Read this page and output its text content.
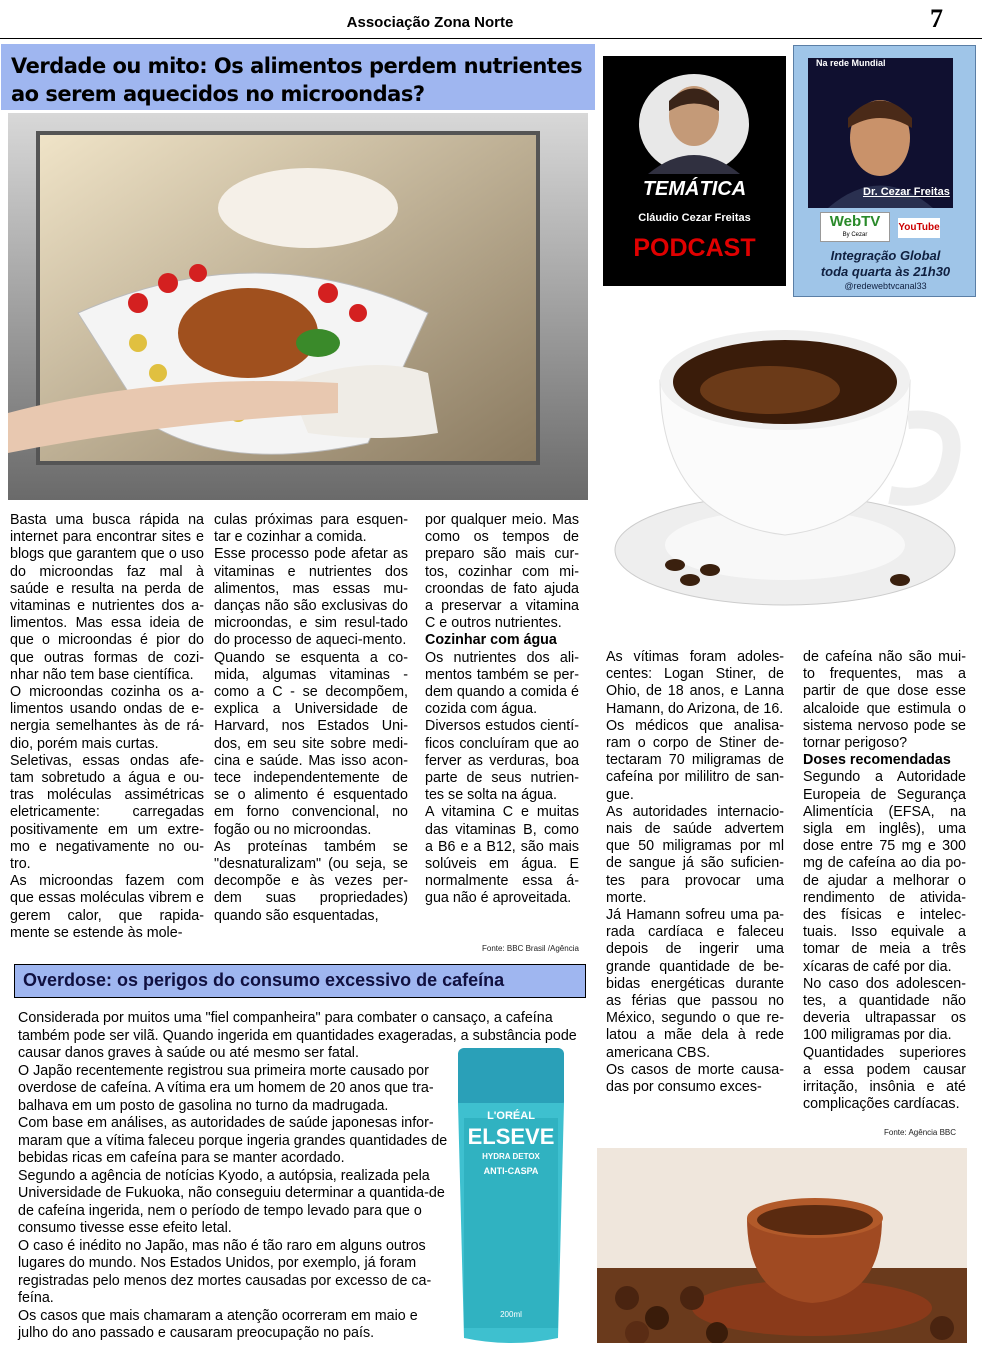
Associação Zona Norte	7
Verdade ou mito: Os alimentos perdem nutrientes
ao serem aquecidos no microondas?
TEMÁTICA
Cláudio Cezar Freitas
PODCAST
Na rede Mundial
Dr. Cezar Freitas
WebTV
By Cezar
YouTube
Integração Global
toda quarta às 21h30
@redewebtvcanal33

Basta uma busca rápida na internet para encontrar sites e blogs que garantem que o uso do microondas faz mal à saúde e resulta na perda de vitaminas e nutrientes dos a-limentos. Mas essa ideia de que o microondas é pior do que outras formas de cozi-nhar não tem base científica.

O microondas cozinha os a-limentos usando ondas de e-nergia semelhantes às de rá-dio, porém mais curtas.

Seletivas, essas ondas afe-tam sobretudo a água e ou-tras moléculas assimétricas eletricamente: carregadas positivamente em um extre-mo e negativamente no ou-tro.

As microondas fazem com que essas moléculas vibrem e gerem calor, que rapida-mente se estende às mole-

culas próximas para esquen-tar e cozinhar a comida.

Esse processo pode afetar as vitaminas e nutrientes dos alimentos, mas essas mu-danças não são exclusivas do microondas, e sim resul-tado do processo de aqueci-mento.

Quando se esquenta a co-mida, algumas vitaminas - como a C - se decompõem, explica a Universidade de Harvard, nos Estados Uni-dos, em seu site sobre medi-cina e saúde. Mas isso acon-tece independentemente de se o alimento é esquentado em forno convencional, no fogão ou no microondas.

As proteínas também se "desnaturalizam" (ou seja, se decompõe e às vezes per-dem suas propriedades) quando são esquentadas,

por qualquer meio. Mas como os tempos de preparo são mais cur-tos, cozinhar com mi-croondas de fato ajuda a preservar a vitamina C e outros nutrientes.

Cozinhar com água

Os nutrientes dos ali-mentos também se per-dem quando a comida é cozida com água.

Diversos estudos cientí-ficos concluíram que ao ferver as verduras, boa parte de seus nutrien-tes se solta na água.

A vitamina C e muitas das vitaminas B, como a B6 e a B12, são mais solúveis em água. E normalmente essa á-gua não é aproveitada.

Fonte: BBC Brasil /Agência
Overdose: os perigos do consumo excessivo de cafeína

Considerada por muitos uma "fiel companheira" para combater o cansaço, a cafeína também pode ser vilã. Quando ingerida em quantidades exageradas, a substância pode causar danos graves à saúde ou até mesmo ser fatal.

O Japão recentemente registrou sua primeira morte causado por overdose de cafeína. A vítima era um homem de 20 anos que tra-balhava em um posto de gasolina no turno da madrugada.

Com base em análises, as autoridades de saúde japonesas infor-maram que a vítima faleceu porque ingeria grandes quantidades de bebidas ricas em cafeína para se manter acordado.

Segundo a agência de notícias Kyodo, a autópsia, realizada pela Universidade de Fukuoka, não conseguiu determinar a quantida-de de cafeína ingerida, nem o período de tempo levado para que o consumo tivesse esse efeito letal.

O caso é inédito no Japão, mas não é tão raro em alguns outros lugares do mundo. Nos Estados Unidos, por exemplo, já foram registradas pelo menos dez mortes causadas por excesso de ca-feína.

Os casos que mais chamaram a atenção ocorreram em maio e julho do ano passado e causaram preocupação no país.

L'ORÉAL
ELSEVE
HYDRA DETOX
ANTI-CASPA
200ml

As vítimas foram adoles-centes: Logan Stiner, de Ohio, de 18 anos, e Lanna Hamann, do Arizona, de 16.

Os médicos que analisa-ram o corpo de Stiner de-tectaram 70 miligramas de cafeína por mililitro de san-gue.

As autoridades internacio-nais de saúde advertem que 50 miligramas por ml de sangue já são suficien-tes para provocar uma morte.

Já Hamann sofreu uma pa-rada cardíaca e faleceu depois de ingerir uma grande quantidade de be-bidas energéticas durante as férias que passou no México, segundo o que re-latou a mãe dela à rede americana CBS.

Os casos de morte causa-das por consumo exces-

de cafeína não são mui-to frequentes, mas a partir de que dose esse alcaloide que estimula o sistema nervoso pode se tornar perigoso?

Doses recomendadas

Segundo a Autoridade Europeia de Segurança Alimentícia (EFSA, na sigla em inglês), uma dose entre 75 mg e 300 mg de cafeína ao dia po-de ajudar a melhorar o rendimento de ativida-des físicas e intelec-tuais. Isso equivale a tomar de meia a três xícaras de café por dia.

No caso dos adolescen-tes, a quantidade não deveria ultrapassar os 100 miligramas por dia.

Quantidades superiores a essa podem causar irritação, insônia e até complicações cardíacas.

Fonte: Agência BBC
